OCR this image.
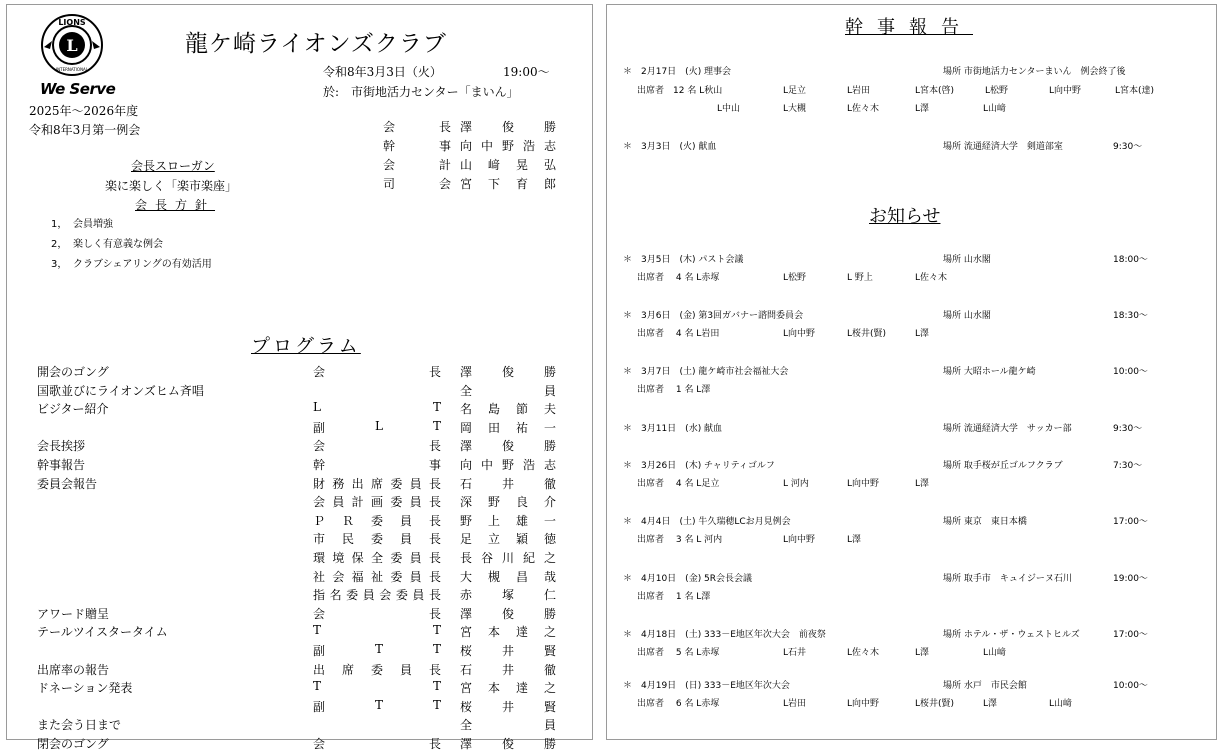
L
LIONS
INTERNATIONAL
We Serve
龍ケ崎ライオンズクラブ
令和8年3月3日（火）	19:00～
於:　市街地活力センター「まいん」
2025年～2026年度
令和8年3月第一例会	会	長 澤 俊 勝
幹	事 向 中 野 浩 志
会	計 山 﨑 晃 弘
司	会 宮 下 育 郎
会長スローガン
楽に楽しく「楽市楽座」
会長方針
1， 会員増強
2， 楽しく有意義な例会
3， クラブシェアリングの有効活用
プログラム
開会のゴング	会	長 澤 俊 勝
国歌並びにライオンズヒム斉唱	全	員
ビジター紹介	L	T 名 島 節 夫
副	L	T 岡 田 祐 一
会長挨拶	会	長 澤 俊 勝
幹事報告	幹	事 向 中 野 浩 志
委員会報告	財 務 出 席 委 員 長 石 井 徹
会 員 計 画 委 員 長 深 野 良 介
Ｐ Ｒ 委 員 長 野 上 雄 一
市 民 委 員 長 足 立 穎 徳
環 境 保 全 委 員 長 長 谷 川 紀 之
社 会 福 祉 委 員 長 大 槻 昌 哉
指 名 委 員 会 委 員 長 赤 塚 仁
アワード贈呈	会	長 澤 俊 勝
テールツイスタータイム	T	T 宮 本 達 之
副	T	T 桜 井 賢
出席率の報告	出 席 委 員 長 石 井 徹
ドネーション発表	T	T 宮 本 達 之
副	T	T 桜 井 賢
また会う日まで	全	員
閉会のゴング	会	長 澤 俊 勝
幹事報告
お知らせ
＊　2月17日　(火) 理事会	場所 市街地活力センターまいん　例会終了後
出席者　12 名 L秋山	L足立	L岩田	L宮本(啓)	L松野	L向中野	L宮本(達)
L中山	L大槻	L佐々木	L澤	L山﨑
＊　3月3日　(火) 献血	場所 流通経済大学　剣道部室	9:30～
＊　3月5日　(木) パスト会議	場所 山水閣	18:00～
出席者　 4 名 L赤塚	L松野	L 野上	L佐々木
＊　3月6日　(金) 第3回ガバナー諮問委員会	場所 山水閣	18:30～
出席者　 4 名 L岩田	L向中野	L桜井(賢)	L澤
＊　3月7日　(土) 龍ケ崎市社会福祉大会	場所 大昭ホール龍ケ崎	10:00～
出席者　 1 名 L澤
＊　3月11日　(水) 献血	場所 流通経済大学　サッカー部	9:30～
＊　3月26日　(木) チャリティゴルフ	場所 取手桜が丘ゴルフクラブ	7:30～
出席者　 4 名 L足立	L 河内	L向中野	L澤
＊　4月4日　(土) 牛久瑞穂LCお月見例会	場所 東京　東日本橋	17:00～
出席者　 3 名 L 河内	L向中野	L澤
＊　4月10日　(金) 5R会長会議	場所 取手市　キュイジーヌ石川	19:00～
出席者　 1 名 L澤
＊　4月18日　(土) 333－E地区年次大会　前夜祭	場所 ホテル・ザ・ウェストヒルズ	17:00～
出席者　 5 名 L赤塚	L石井	L佐々木	L澤	L山﨑
＊　4月19日　(日) 333－E地区年次大会	場所 水戸　市民会館	10:00～
出席者　 6 名 L赤塚	L岩田	L向中野	L桜井(賢)	L澤	L山﨑
